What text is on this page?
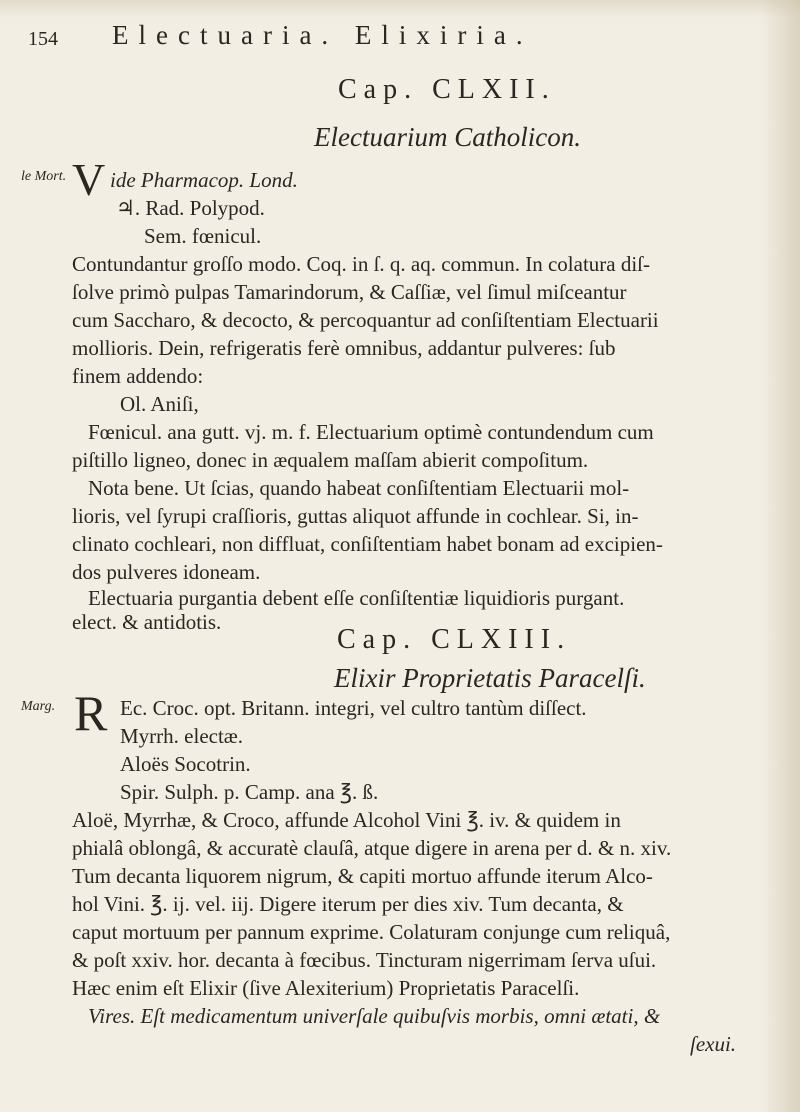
154 Electuaria. Elixiria.
Cap. CLXII.
Electuarium Catholicon.
le Mort. V ide Pharmacop. Lond.
♃. Rad. Polypod.
Sem. fœnicul.
Contundantur groſſo modo. Coq. in ſ. q. aq. commun. In colatura diſ-
ſolve primò pulpas Tamarindorum, & Caſſiæ, vel ſimul miſceantur
cum Saccharo, & decocto, & percoquantur ad conſiſtentiam Electuarii
mollioris. Dein, refrigeratis ferè omnibus, addantur pulveres: ſub
finem addendo:
Ol. Aniſi,
Fœnicul. ana gutt. vj. m. f. Electuarium optimè contundendum cum
piſtillo ligneo, donec in æqualem maſſam abierit compoſitum.
Nota bene. Ut ſcias, quando habeat conſiſtentiam Electuarii mol-
lioris, vel ſyrupi craſſioris, guttas aliquot affunde in cochlear. Si, in-
clinato cochleari, non diffluat, conſiſtentiam habet bonam ad excipien-
dos pulveres idoneam.
Electuaria purgantia debent eſſe conſiſtentiæ liquidioris purgant.
elect. & antidotis.
Cap. CLXIII.
Elixir Proprietatis Paracelſi.
Marg. R Ec. Croc. opt. Britann. integri, vel cultro tantùm diſſect.
Myrrh. electæ.
Aloës Socotrin.
Spir. Sulph. p. Camp. ana ℥. ß.
Aloë, Myrrhæ, & Croco, affunde Alcohol Vini ℥. iv. & quidem in
phialâ oblongâ, & accuratè clauſâ, atque digere in arena per d. & n. xiv.
Tum decanta liquorem nigrum, & capiti mortuo affunde iterum Alco-
hol Vini. ℥. ij. vel. iij. Digere iterum per dies xiv. Tum decanta, &
caput mortuum per pannum exprime. Colaturam conjunge cum reliquâ,
& poſt xxiv. hor. decanta à fœcibus. Tincturam nigerrimam ſerva uſui.
Hæc enim eſt Elixir (ſive Alexiterium) Proprietatis Paracelſi.
Vires. Eſt medicamentum univerſale quibuſvis morbis, omni ætati, &
ſexui.
